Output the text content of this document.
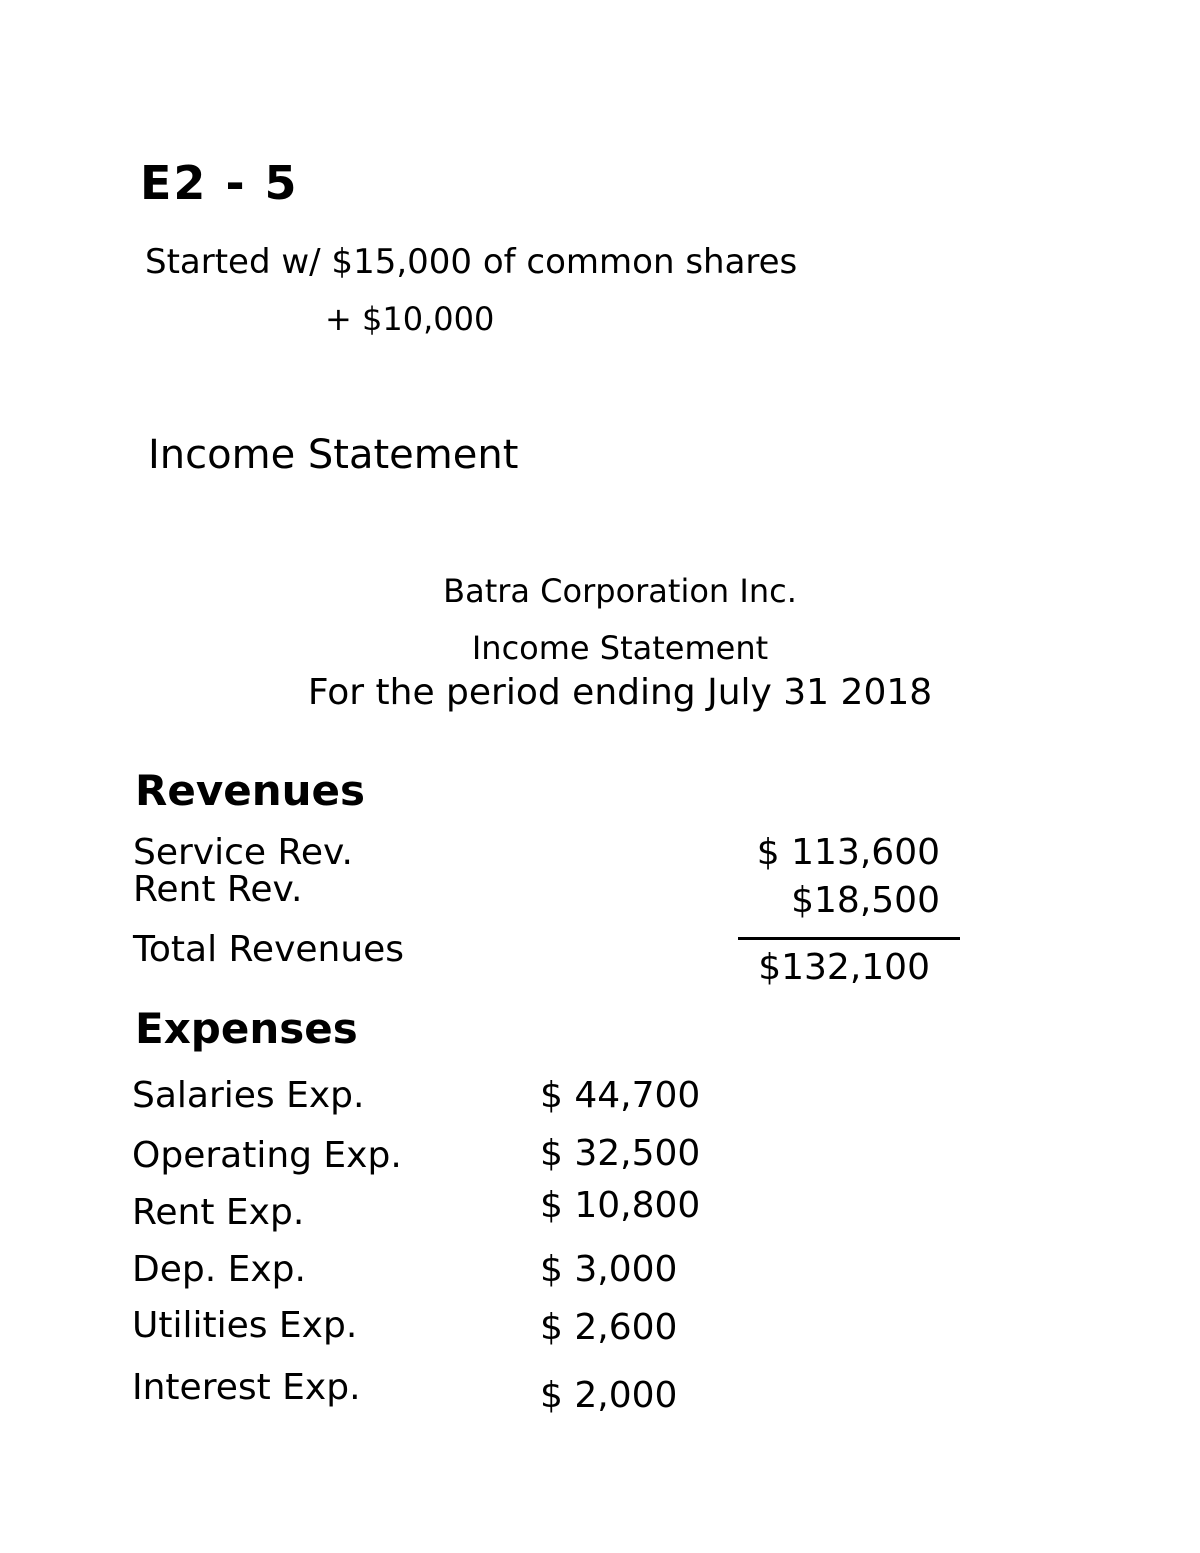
E2 - 5
Started w/ $15,000 of common shares
+ $10,000
Income Statement
Batra Corporation Inc.
Income Statement
For the period ending July 31 2018
Revenues
Service Rev.	$ 113,600
Rent Rev.	$18,500
Total Revenues	$132,100
Expenses
Salaries Exp.	$ 44,700
Operating Exp.	$ 32,500
Rent Exp.	$ 10,800
Dep. Exp.	$ 3,000
Utilities Exp.	$ 2,600
Interest Exp.	$ 2,000
